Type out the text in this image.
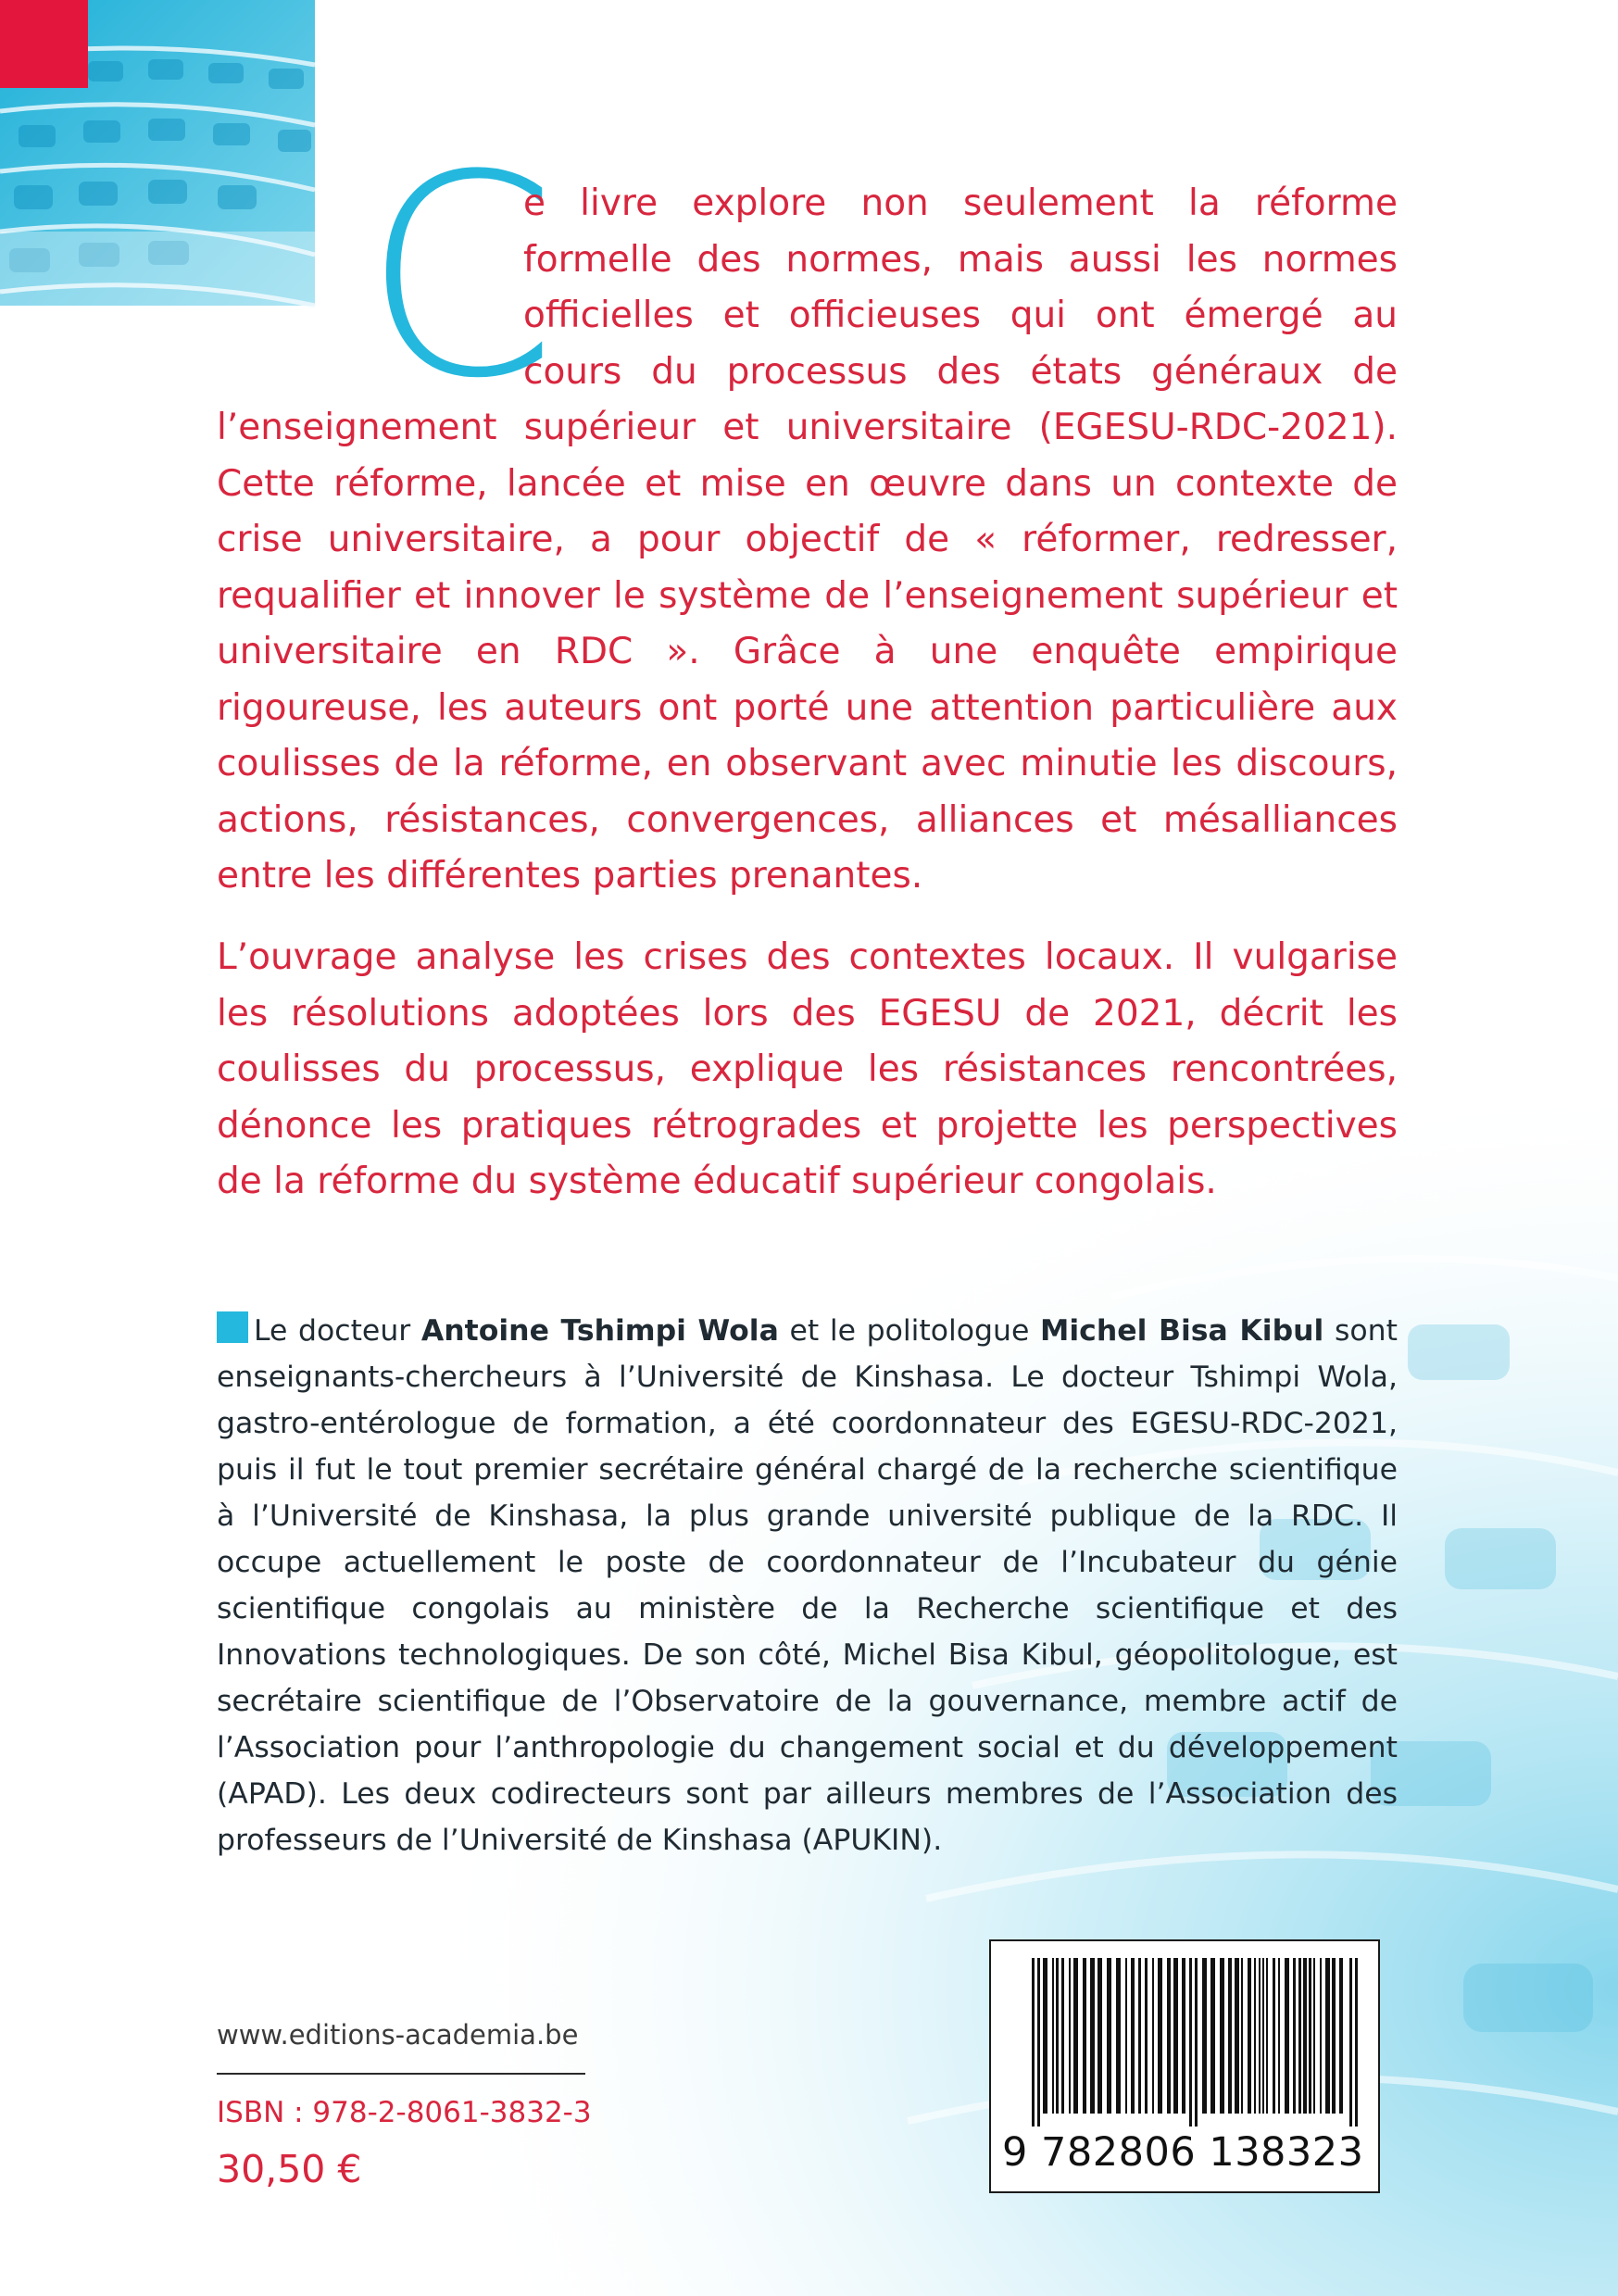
C

e livre explore non seulement la réforme formelle des normes, mais aussi les normes officielles et officieuses qui ont émergé au cours du processus des états généraux de

l’enseignement supérieur et universitaire (EGESU-RDC-2021). Cette réforme, lancée et mise en œuvre dans un contexte de crise universitaire, a pour objectif de « réformer, redresser, requalifier et innover le système de l’enseignement supérieur et universitaire en RDC ». Grâce à une enquête empirique rigoureuse, les auteurs ont porté une attention particulière aux coulisses de la réforme, en observant avec minutie les discours, actions, résistances, convergences, alliances et mésalliances entre les différentes parties prenantes.

L’ouvrage analyse les crises des contextes locaux. Il vulgarise les résolutions adoptées lors des EGESU de 2021, décrit les coulisses du processus, explique les résistances rencontrées, dénonce les pratiques rétrogrades et projette les perspectives de la réforme du système éducatif supérieur congolais.

Le docteur Antoine Tshimpi Wola et le politologue Michel Bisa Kibul sont enseignants-chercheurs à l’Université de Kinshasa. Le docteur Tshimpi Wola, gastro-entérologue de formation, a été coordonnateur des EGESU-RDC-2021, puis il fut le tout premier secrétaire général chargé de la recherche scientifique à l’Université de Kinshasa, la plus grande université publique de la RDC. Il occupe actuellement le poste de coordonnateur de l’Incubateur du génie scientifique congolais au ministère de la Recherche scientifique et des Innovations technologiques. De son côté, Michel Bisa Kibul, géopolitologue, est secrétaire scientifique de l’Observatoire de la gouvernance, membre actif de l’Association pour l’anthropologie du changement social et du développement (APAD). Les deux codirecteurs sont par ailleurs membres de l’Association des professeurs de l’Université de Kinshasa (APUKIN).

www.editions-academia.be

ISBN : 978-2-8061-3832-3

30,50 €	9 782806 138323
